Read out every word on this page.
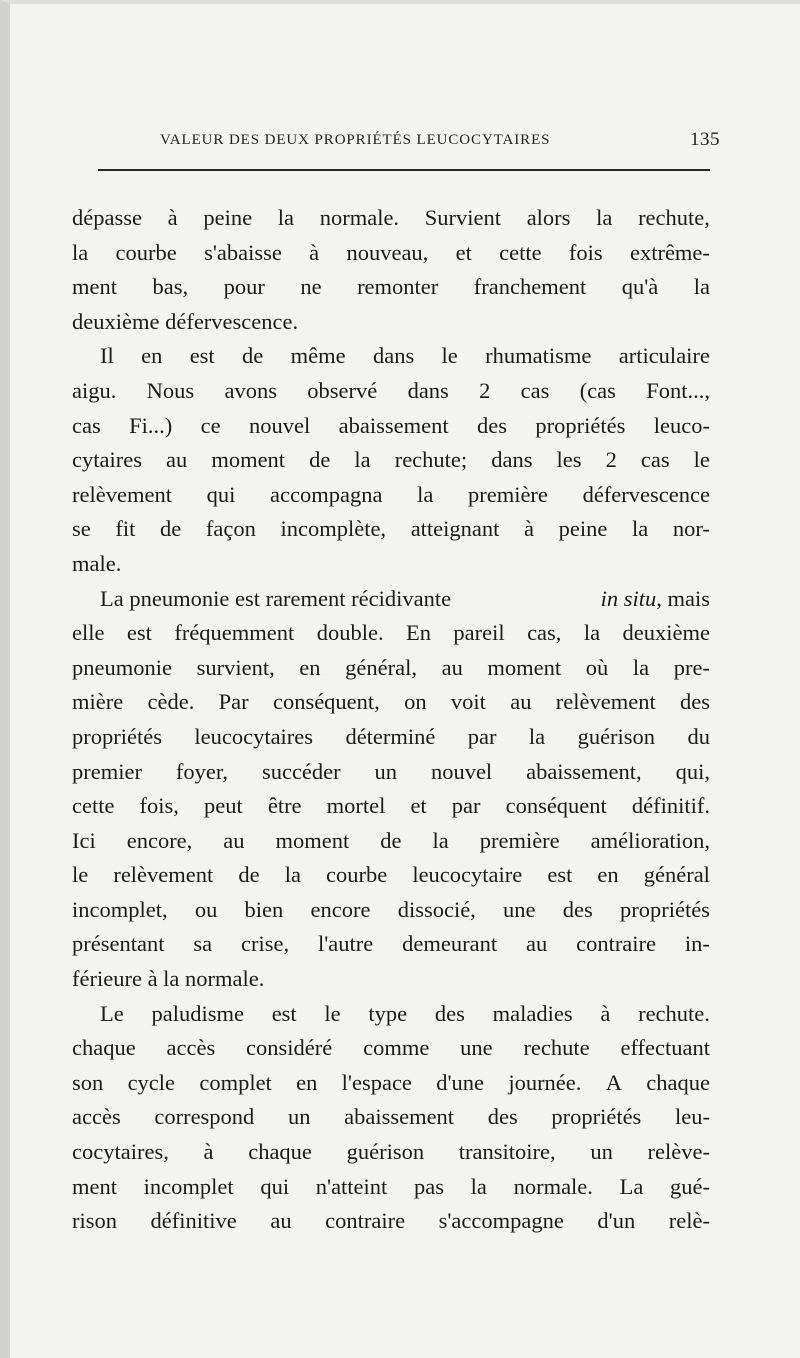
VALEUR DES DEUX PROPRIÉTÉS LEUCOCYTAIRES	135
dépasse à peine la normale. Survient alors la rechute,
la courbe s'abaisse à nouveau, et cette fois extrême-
ment bas, pour ne remonter franchement qu'à la
deuxième défervescence.
Il en est de même dans le rhumatisme articulaire
aigu. Nous avons observé dans 2 cas (cas Font...,
cas Fi...) ce nouvel abaissement des propriétés leuco-
cytaires au moment de la rechute; dans les 2 cas le
relèvement qui accompagna la première défervescence
se fit de façon incomplète, atteignant à peine la nor-
male.
La pneumonie est rarement récidivante	in situ, mais
elle est fréquemment double. En pareil cas, la deuxième
pneumonie survient, en général, au moment où la pre-
mière cède. Par conséquent, on voit au relèvement des
propriétés leucocytaires déterminé par la guérison du
premier foyer, succéder un nouvel abaissement, qui,
cette fois, peut être mortel et par conséquent définitif.
Ici encore, au moment de la première amélioration,
le relèvement de la courbe leucocytaire est en général
incomplet, ou bien encore dissocié, une des propriétés
présentant sa crise, l'autre demeurant au contraire in-
férieure à la normale.
Le paludisme est le type des maladies à rechute.
chaque accès considéré comme une rechute effectuant
son cycle complet en l'espace d'une journée. A chaque
accès correspond un abaissement des propriétés leu-
cocytaires, à chaque guérison transitoire, un relève-
ment incomplet qui n'atteint pas la normale. La gué-
rison définitive au contraire s'accompagne d'un relè-
